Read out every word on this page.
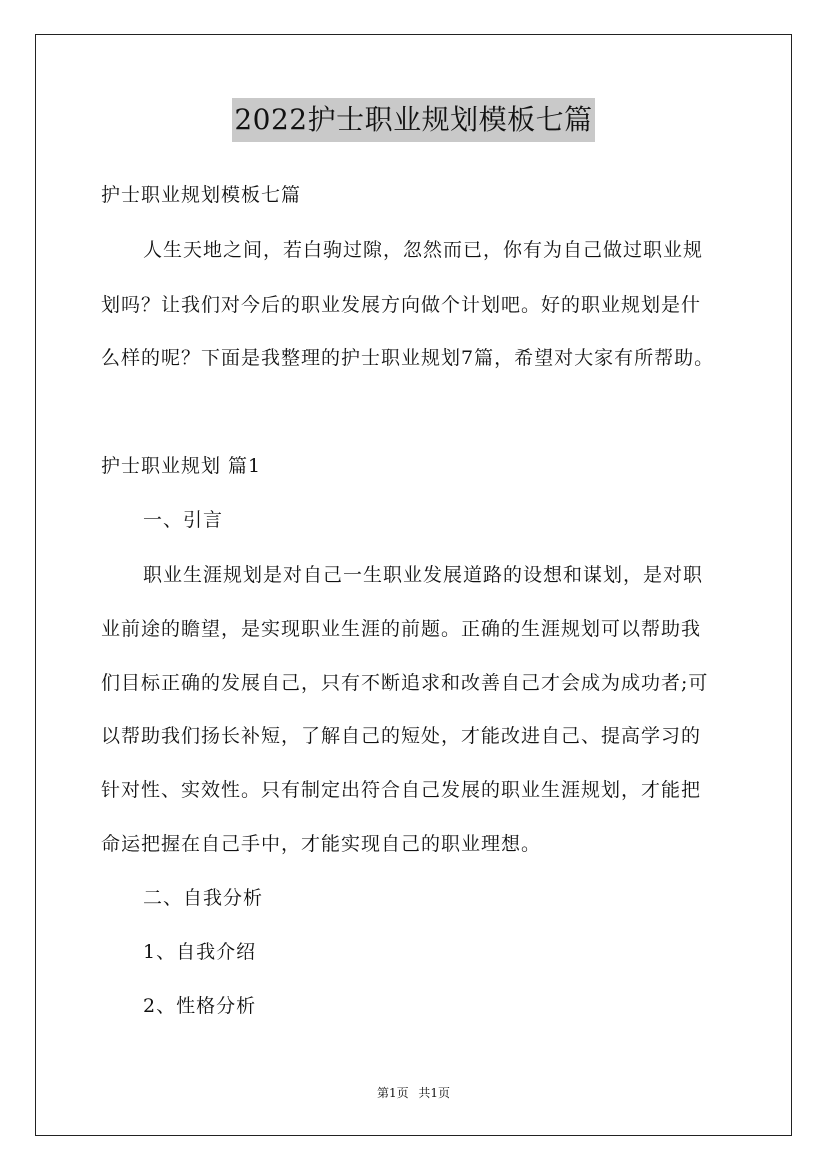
2022护士职业规划模板七篇
护士职业规划模板七篇
人生天地之间，若白驹过隙，忽然而已，你有为自己做过职业规
划吗？让我们对今后的职业发展方向做个计划吧。好的职业规划是什
么样的呢？下面是我整理的护士职业规划7篇，希望对大家有所帮助。
护士职业规划 篇1
一、引言
职业生涯规划是对自己一生职业发展道路的设想和谋划，是对职
业前途的瞻望，是实现职业生涯的前题。正确的生涯规划可以帮助我
们目标正确的发展自己，只有不断追求和改善自己才会成为成功者;可
以帮助我们扬长补短，了解自己的短处，才能改进自己、提高学习的
针对性、实效性。只有制定出符合自己发展的职业生涯规划，才能把
命运把握在自己手中，才能实现自己的职业理想。
二、自我分析
1、自我介绍
2、性格分析
第1页 共1页
